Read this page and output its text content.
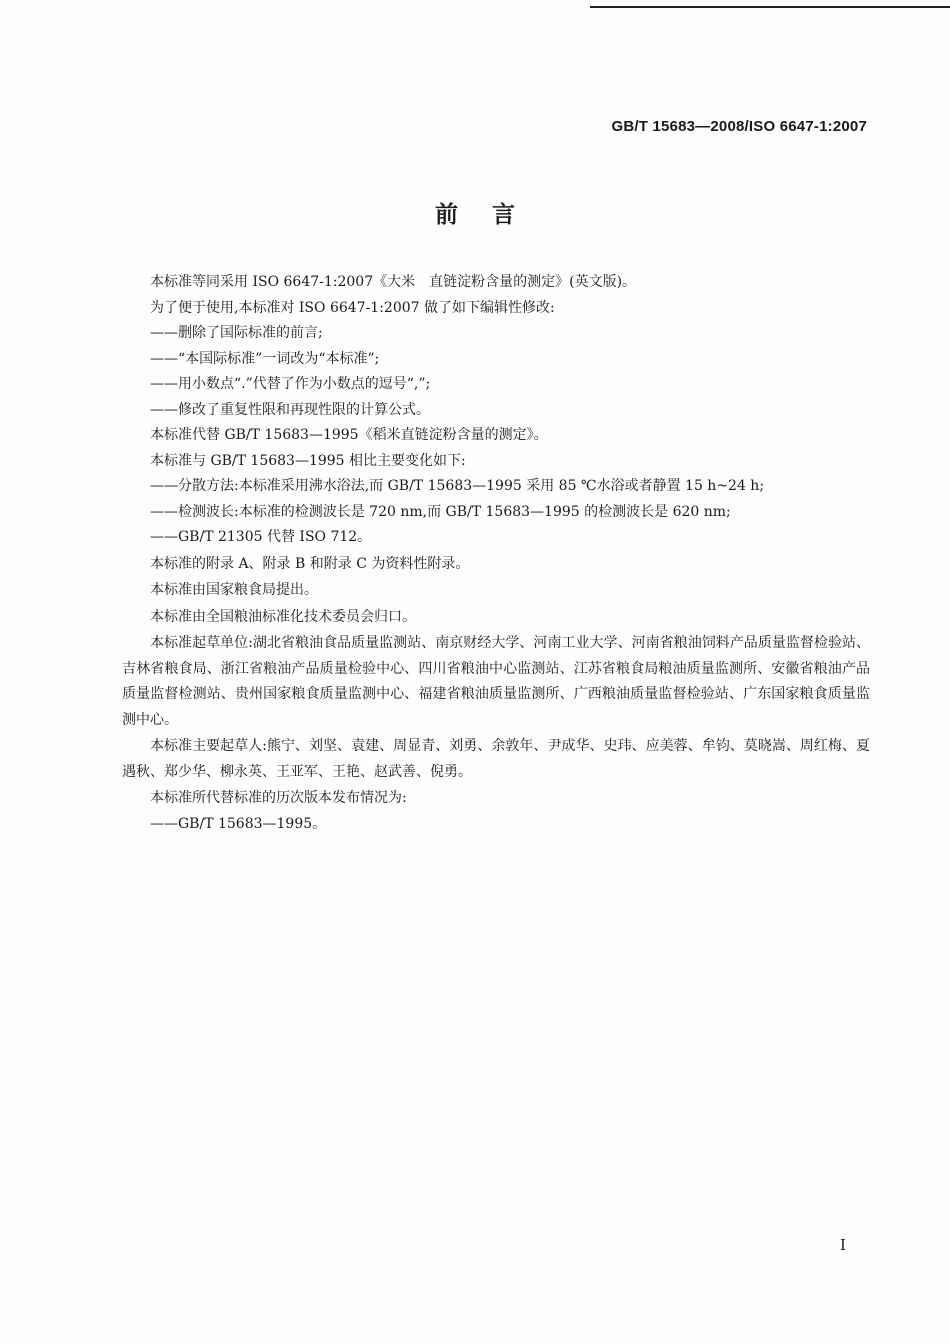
GB/T 15683—2008/ISO 6647-1:2007
前言

本标准等同采用 ISO 6647-1:2007《大米　直链淀粉含量的测定》(英文版)。

为了便于使用,本标准对 ISO 6647-1:2007 做了如下编辑性修改:

——删除了国际标准的前言;

——“本国际标准”一词改为“本标准”;

——用小数点“.”代替了作为小数点的逗号“,”;

——修改了重复性限和再现性限的计算公式。

本标准代替 GB/T 15683—1995《稻米直链淀粉含量的测定》。

本标准与 GB/T 15683—1995 相比主要变化如下:

——分散方法:本标准采用沸水浴法,而 GB/T 15683—1995 采用 85 ℃水浴或者静置 15 h~24 h;

——检测波长:本标准的检测波长是 720 nm,而 GB/T 15683—1995 的检测波长是 620 nm;

——GB/T 21305 代替 ISO 712。

本标准的附录 A、附录 B 和附录 C 为资料性附录。

本标准由国家粮食局提出。

本标准由全国粮油标准化技术委员会归口。

本标准起草单位:湖北省粮油食品质量监测站、南京财经大学、河南工业大学、河南省粮油饲料产品质量监督检验站、吉林省粮食局、浙江省粮油产品质量检验中心、四川省粮油中心监测站、江苏省粮食局粮油质量监测所、安徽省粮油产品质量监督检测站、贵州国家粮食质量监测中心、福建省粮油质量监测所、广西粮油质量监督检验站、广东国家粮食质量监测中心。

本标准主要起草人:熊宁、刘坚、袁建、周显青、刘勇、余敦年、尹成华、史玮、应美蓉、牟钧、莫晓嵩、周红梅、夏遇秋、郑少华、柳永英、王亚军、王艳、赵武善、倪勇。

本标准所代替标准的历次版本发布情况为:

——GB/T 15683—1995。

I
